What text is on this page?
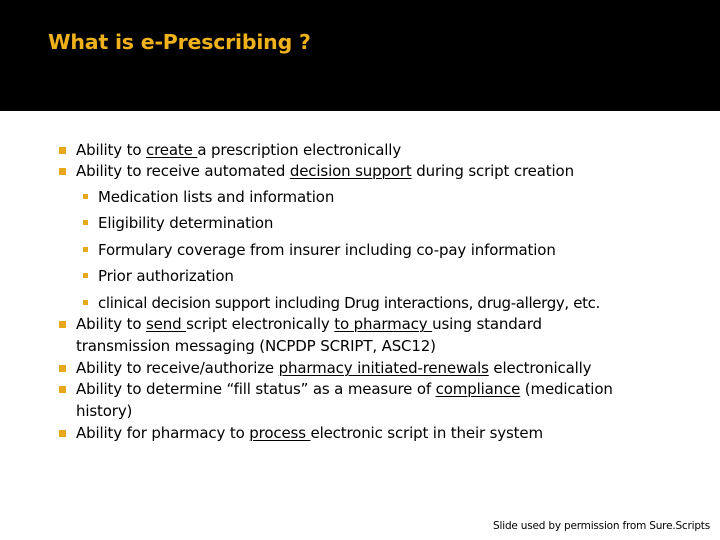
What is e-Prescribing ?
Ability to create a prescription electronically
Ability to receive automated decision support during script creation
Medication lists and information
Eligibility determination
Formulary coverage from insurer including co-pay information
Prior authorization
clinical decision support including Drug interactions, drug-allergy, etc.
Ability to send script electronically to pharmacy using standard
transmission messaging (NCPDP SCRIPT, ASC12)
Ability to receive/authorize pharmacy initiated-renewals electronically
Ability to determine “fill status” as a measure of compliance (medication
history)
Ability for pharmacy to process electronic script in their system
Slide used by permission from Sure.Scripts
